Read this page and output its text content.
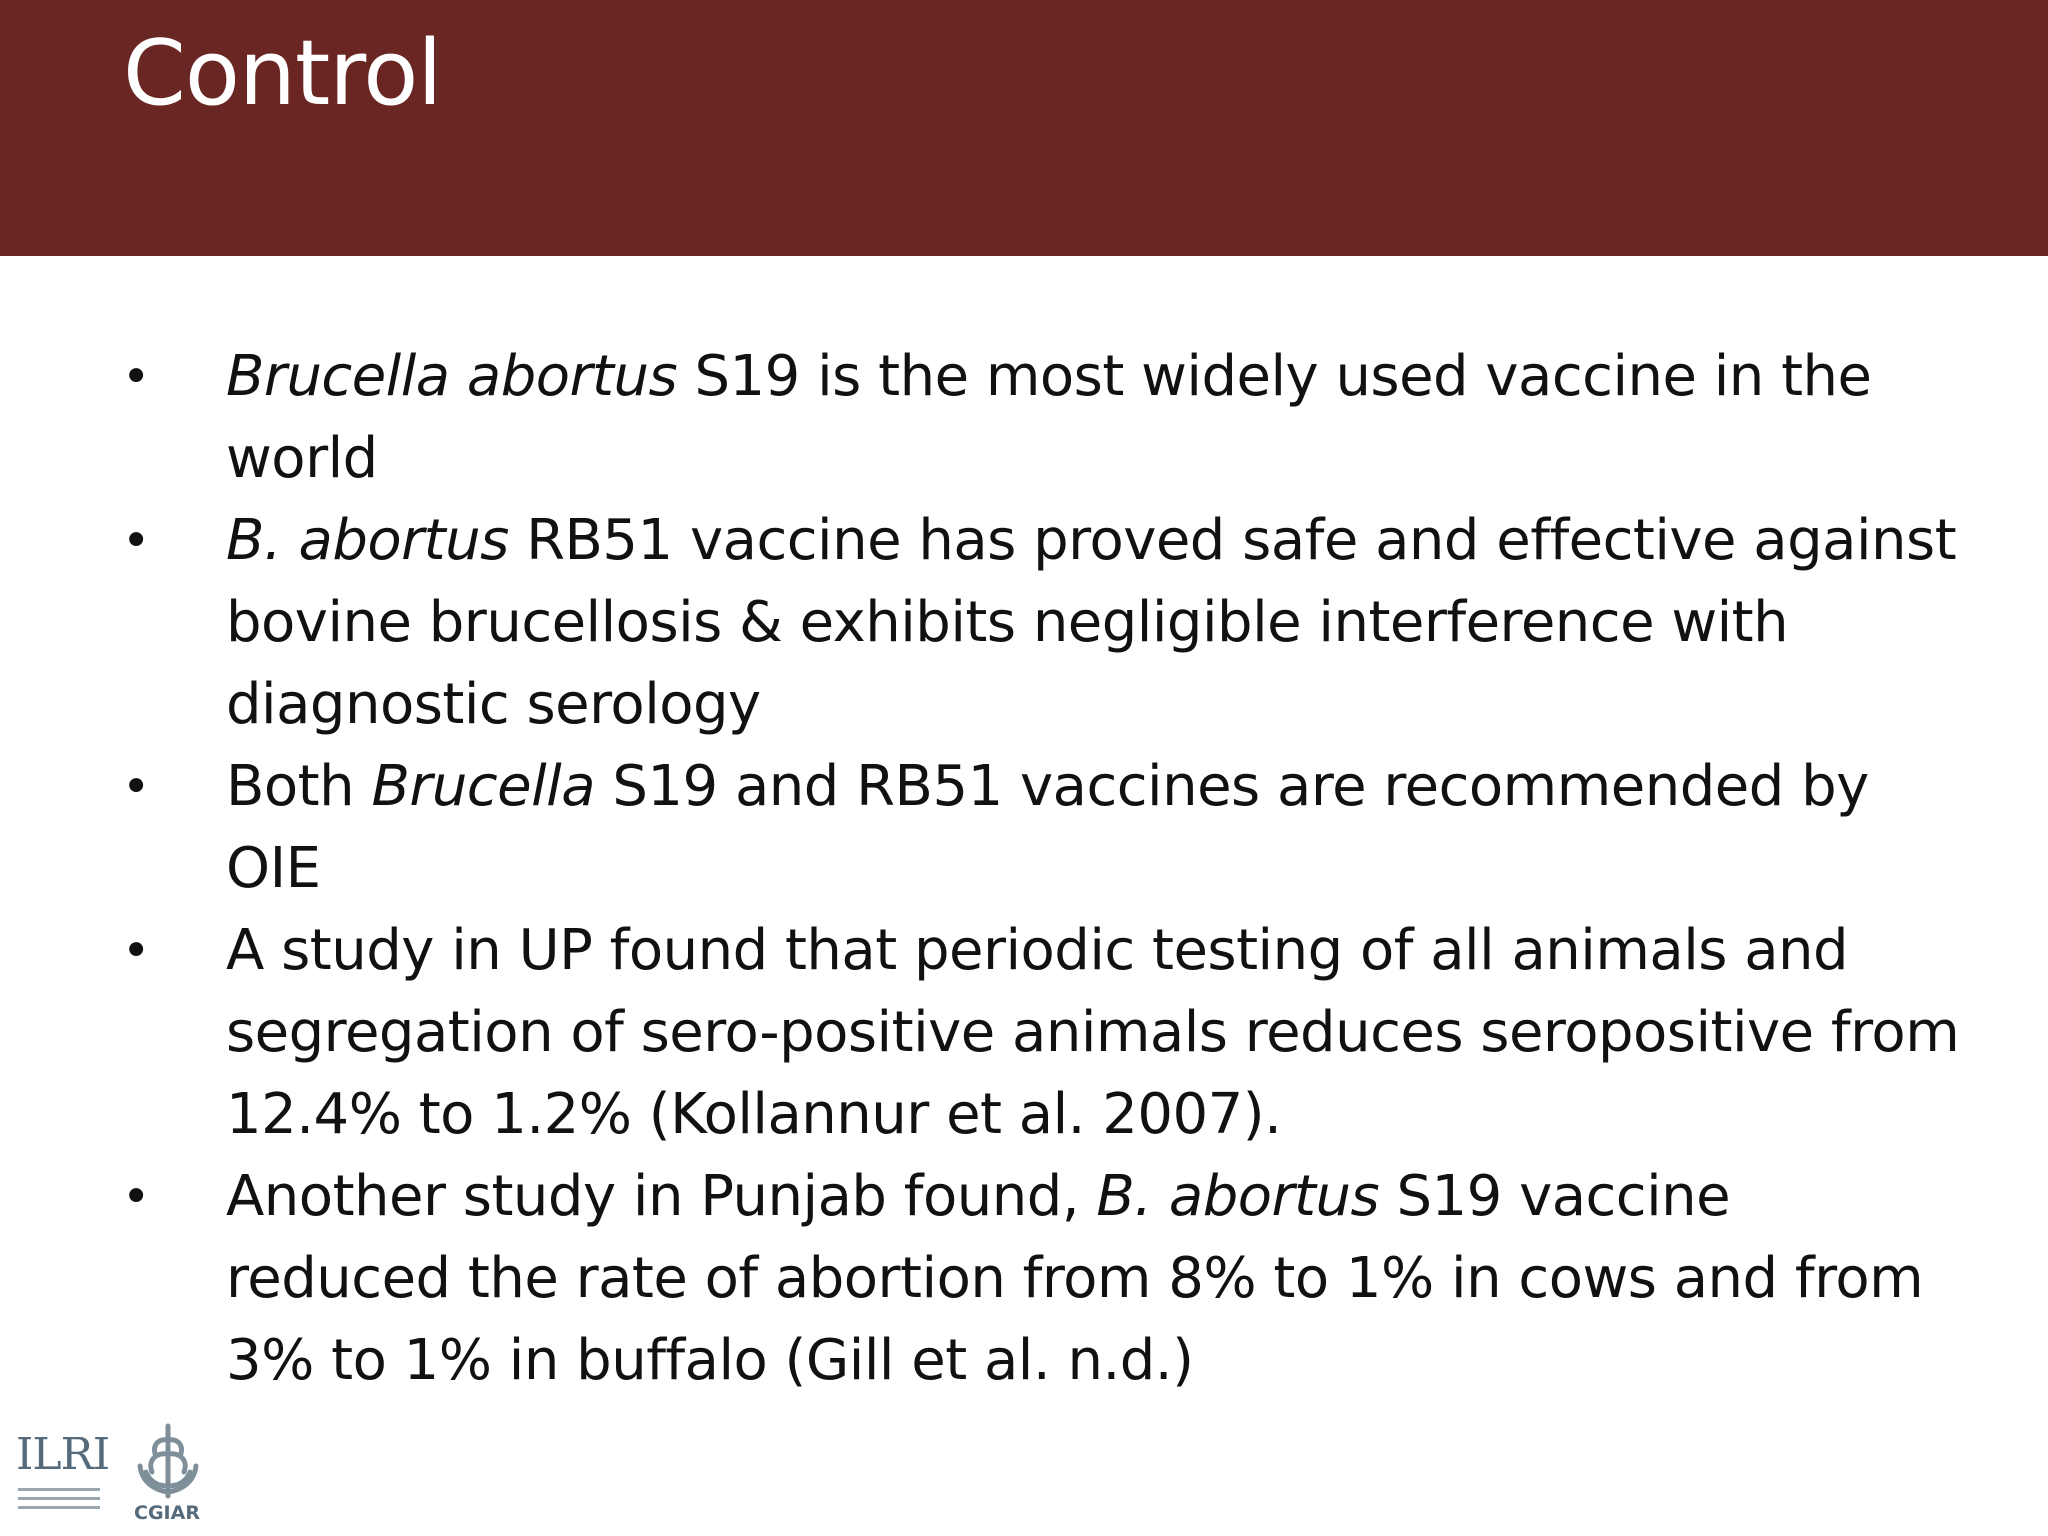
Control
• Brucella abortus S19 is the most widely used vaccine in the world
• B. abortus RB51 vaccine has proved safe and effective against bovine brucellosis & exhibits negligible interference with diagnostic serology
• Both Brucella S19 and RB51 vaccines are recommended by OIE
• A study in UP found that periodic testing of all animals and segregation of sero-positive animals reduces seropositive from 12.4% to 1.2% (Kollannur et al. 2007).
• Another study in Punjab found, B. abortus S19 vaccine reduced the rate of abortion from 8% to 1% in cows and from 3% to 1% in buffalo (Gill et al. n.d.)
ILRI
CGIAR
